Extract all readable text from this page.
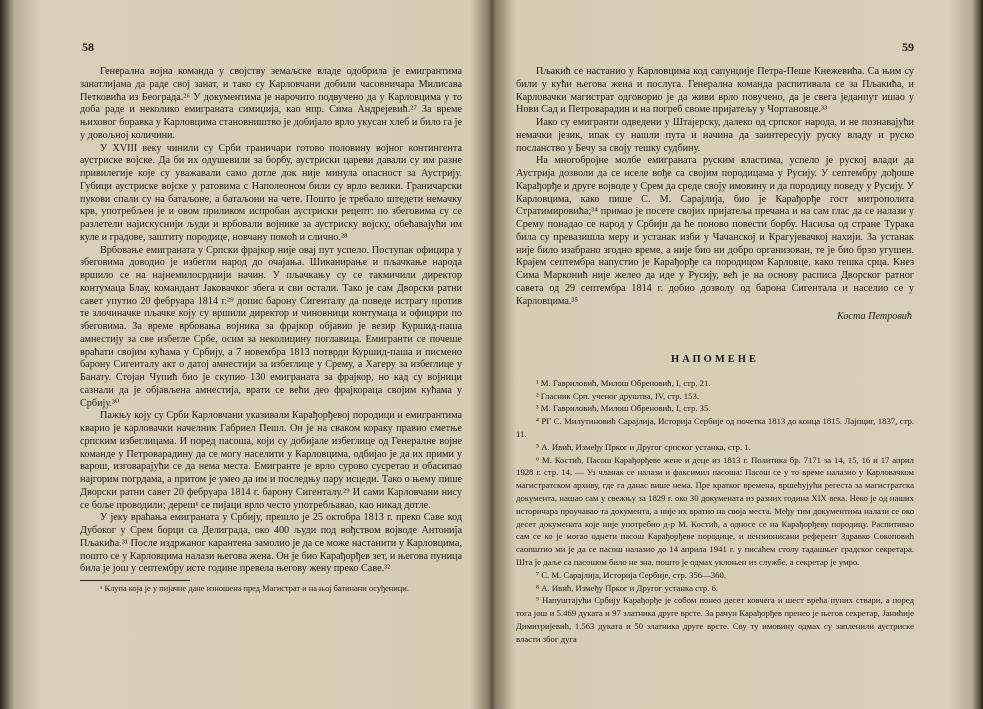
58

Генерална војна команда у својству земаљске владе одобрила је емигрантима занатлијама да раде свој занат, и тако су Карловчани добили часовничара Милисава Петковића из Београда.²⁶ У документима је нарочито подвучено да у Карловцима у то доба раде и неколико емиграната симиџија, као нпр. Сима Андрејевић.²⁷ За време њиховог боравка у Карловцима становништво је добијало врло укусан хлеб и било га је у довољној количини.

У XVIII веку чинили су Срби граничари готово половину војног контингента аустриске војске. Да би их одушевили за борбу, аустриски цареви давали су им разне привилегије које су уважавали само дотле док није минула опасност за Аустрију. Губици аустриске војске у ратовима с Наполеоном били су врло велики. Граничарски пукови спали су на батаљоне, а батаљони на чете. Пошто је требало штедети немачку крв, употребљен је и овом приликом испробан аустриски рецепт: по збеговима су се разлетели најискуснији људи и врбовали војнике за аустриску војску, обећавајући им куле и градове, заштиту породице, новчану помоћ и слично.²⁸

Врбовање емиграната у Српски фрајкор није овај пут успело. Поступак официра у збеговима доводио је избегли народ до очајања. Шиканирање и пљачкање народа вршило се на најнемилосрднији начин. У пљачкању су се такмичили директор контумаца Блау, командант Јаковачког збега и сви остали. Тако је сам Дворски ратни савет упутио 20 фебруара 1814 г.²⁹ допис барону Сигенталу да поведе истрагу против те злочиначке пљачке коју су вршили директор и чиновници контумаца и официри по збеговима. За време врбовања војника за фрајкор објавио је везир Куршид-паша амнестију за све избегле Србе, осим за неколицину поглавица. Емигранти се почеше враћати својим кућама у Србију, а 7 новембра 1813 потврди Куршид-паша и писмено барону Сигенталу акт о датој амнестији за избеглице у Срему, а Хагеру за избеглице у Банату. Стојан Чупић био је скупио 130 емиграната за фрајкор, но кад су војници сазнали да је објављена амнестија, врати се већи део фрајкорaца својим кућама у Србију.³⁰

Пажњу коју су Срби Карловчани указивали Карађорђевој породици и емигрантима кварио је карловачки начелник Габриел Пешл. Он је на сваком кораку правио сметње српским избеглицама. И поред пасоша, који су добијале избеглице од Генералне војне команде у Петроварадину да се могу населити у Карловцима, одбијао је да их прими у варош, изговарајући се да нема места. Емигранте је врло сурово сусретао и обасипао најгорим погрдама, а притом је умео да им и последњу пару исцеди. Тако о њему пише Дворски ратни савет 20 фебруара 1814 г. барону Сигенталу.²⁹ И сами Карловчани нису се боље проводили; дерешˣ се пијаци врло често употребљавао, као никад дотле.

У јеку враћања емиграната у Србију, прешло је 25 октобра 1813 г. преко Саве код Дубоког у Срем борци са Делиграда, око 400 људи под вођством војводе Антонија Пљакића.³¹ После издржаног карантена замолио је да се може настанити у Карловцима, пошто се у Карловцима налази његова жена. Он је био Карађорђев зет, и његова пуница била је још у септембру исте године превела његову жену преко Саве.³²

ˣ Клупа која је у пијачне дане изношена пред Магистрат и на њој батинани осуђеници.

59

Пљакић се настанио у Карловцима код сапунџије Петра-Пеше Кнежевића. Са њим су били у кући његова жена и послуга. Генерална команда распитивала се за Пљакића, и Карловачки магистрат одговорио је да живи врло повучено, да је свега једанпут ишао у Нови Сад и Петроварадин и на погреб своме пријатељу у Чортановце.³³

Иако су емигранти одведени у Штајерску, далеко од српског народа, и не познавајући немачки језик, ипак су нашли пута и начина да заинтересују руску владу и руско посланство у Бечу за своју тешку судбину.

На многобројне молбе емиграната руским властима, успело је руској влади да Аустрија дозволи да се иселе вође са својим породицама у Русију. У септембру дођоше Карађорђе и друге војводе у Срем да среде своју имовину и да породицу поведу у Русију. У Карловцима, како пише С. М. Сарајлија, био је Карађорђе гост митрополита Стратимировића;³⁴ примао је посете својих пријатеља пречана и на сам глас да се налази у Срему понадао се народ у Србији да ће поново повести борбу. Насиља од стране Турака била су превазишла меру и устанак изби у Чачанској и Крагујевачкој нахији. За устанак није било изабрано згодно време, а није био ни добро организован, те је био брзо угушен. Крајем септембра напустио је Карађорђе са породицом Карловце, како тешка срца. Кнез Сима Марконић није желео да иде у Русију, већ је на основу расписа Дворског ратног савета од 29 септембра 1814 г. добио дозволу од барона Сигентала и населио се у Карловцима.³⁵

Коста Петровић
НАПОМЕНЕ

¹ М. Гавриловић, Милош Обреновић, I, стр. 21.

² Гласник Срп. ученог друштва, IV, стр. 153.

³ М. Гавриловић, Милош Обреновић, I, стр. 35.

⁴ РГ С. Милутиновић Сарајлија, Историја Сербије од почетка 1813 до конца 1815. Лајпциг, 1837, стр. 11.

⁵ А. Ивић, Између Прког и Другог српског устанка, стр. 1.

⁶ М. Костић, Пасош Карађорђеве жене и деце из 1813 г. Политика бр. 7171 за 14, 15, 16 и 17 април 1928 г. стр. 14. — Уз чланак се налази и факсимил пасоша: Пасош се у то време налазио у Карловачком магистратском архиву, где га данас више нема. Пре кратког времена, вршећујући регеста за магистратска документа, нашао сам у свежњу за 1829 г. око 30 докумената из разних година XIX века. Неко је од наших историчара проучавао та документа, а није их вратио на своја места. Међу тим документима налази се око десет докумената које није употребио д-р М. Костић, а односе се на Карађорђеву породицу. Распитивао сам се ко је могао однети пасош Карађорђеве породице, и пензионисани референт Здравко Сокоповић саопштио ми је да се пасош налазио до 14 априла 1941 г. у писаћем столу тадашњег градског секретара. Шта је даље са пасошом било не зна, пошто је одмах уклоњен из службе, а секретар је умро.

⁷ С. М. Сарајлија, Историја Сербије, стр. 356—360.

⁸ А. Ивић, Између Прког и Другог устанка стр. 6.

⁹ Напуштајући Србију Карађорђе је собом понео десет ковчега и шест врећа пуних ствари, а поред тога још и 5.469 дуката и 97 златника друге врсте. За рачун Карађорђев пренео је његов секретар, Јанићије Димитријевић, 1.563 дуката и 50 златника друге врсте. Сву ту имовину одмах су запленили аустриске власти због дуга
